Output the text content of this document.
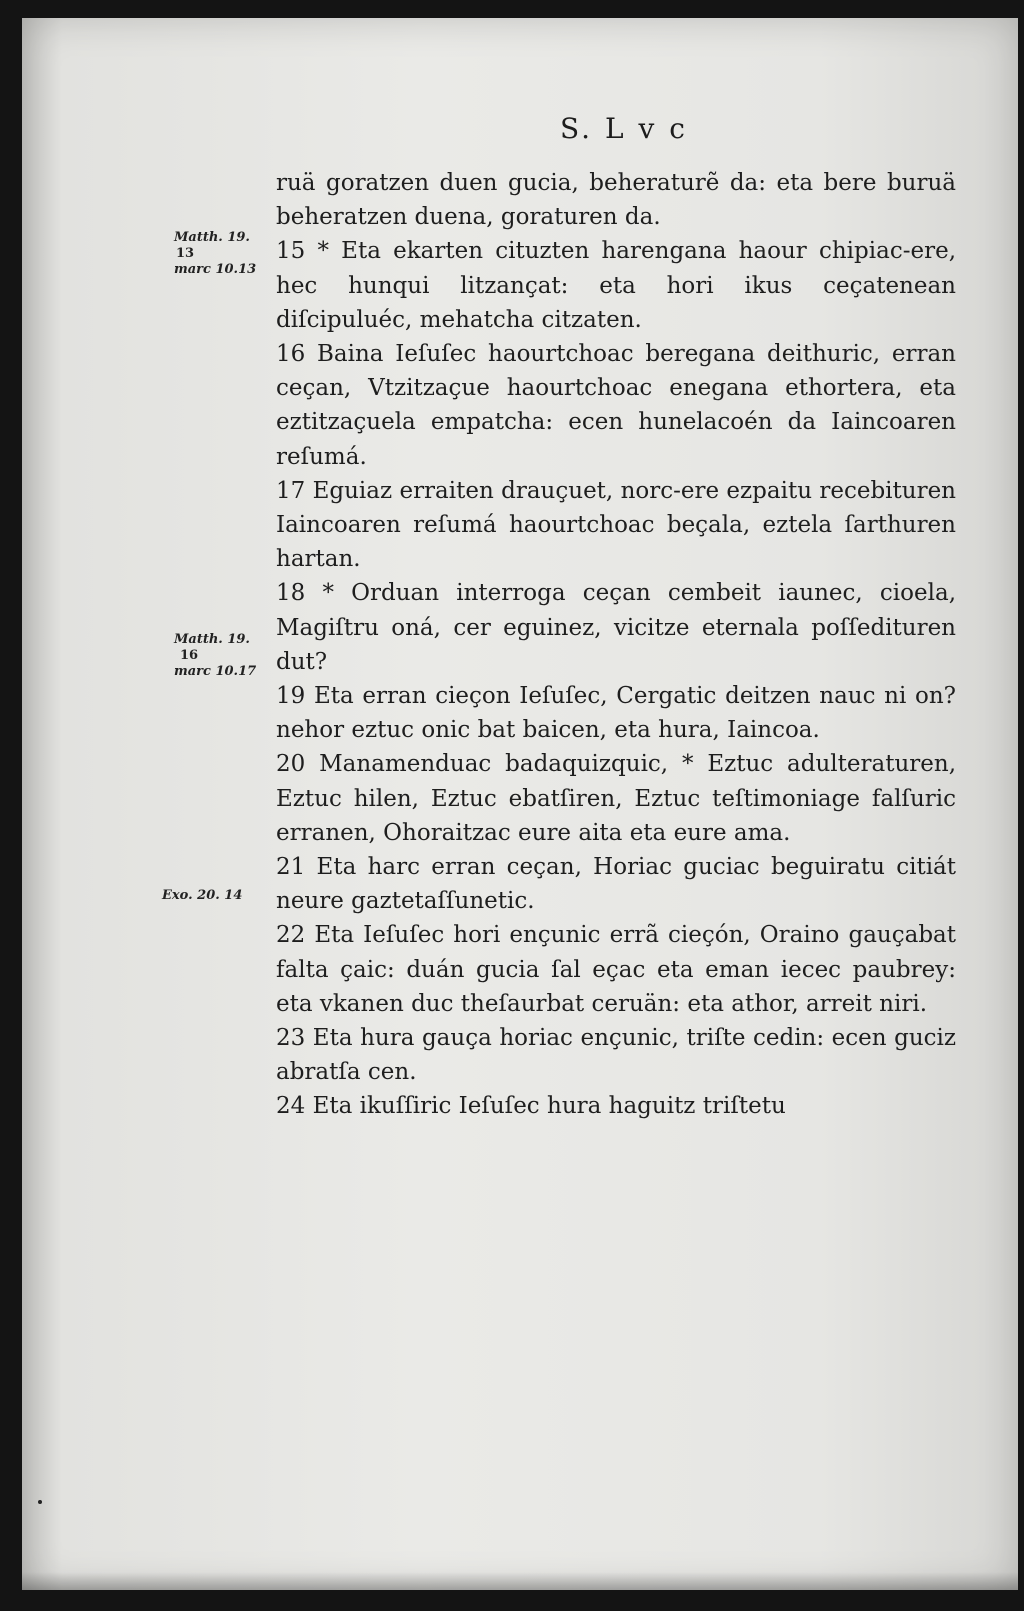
S. L v c
Matth. 19.
13
marc 10.13
Matth. 19.
16
marc 10.17
Exo. 20. 14

ruä goratzen duen gucia, beheraturẽ da: eta bere buruä beheratzen duena, goraturen da.

15 * Eta ekarten cituzten harengana haour chipiac-ere, hec hunqui litzançat: eta hori ikus ceçatenean diſcipuluéc, mehatcha citzaten.

16 Baina Ieſuſec haourtchoac beregana deithuric, erran ceçan, Vtzitzaçue haourtchoac enegana ethortera, eta eztitzaçuela empatcha: ecen hunelacoén da Iaincoaren reſumá.

17 Eguiaz erraiten drauçuet, norc-ere ezpaitu recebituren Iaincoaren reſumá haourtchoac beçala, eztela ſarthuren hartan.

18 * Orduan interroga ceçan cembeit iaunec, cioela, Magiſtru oná, cer eguinez, vicitze eternala poſſedituren dut?

19 Eta erran cieçon Ieſuſec, Cergatic deitzen nauc ni on? nehor eztuc onic bat baicen, eta hura, Iaincoa.

20 Manamenduac badaquizquic, * Eztuc adulteraturen, Eztuc hilen, Eztuc ebatſiren, Eztuc teſtimoniage falſuric erranen, Ohoraitzac eure aita eta eure ama.

21 Eta harc erran ceçan, Horiac guciac beguiratu citiát neure gaztetaſſunetic.

22 Eta Ieſuſec hori ençunic errã cieçón, Oraino gauçabat falta çaic: duán gucia ſal eçac eta eman iecec paubrey: eta vkanen duc theſaurbat ceruän: eta athor, arreit niri.

23 Eta hura gauça horiac ençunic, triſte cedin: ecen guciz abratſa cen.

24 Eta ikuſſiric Ieſuſec hura haguitz triſtetu
